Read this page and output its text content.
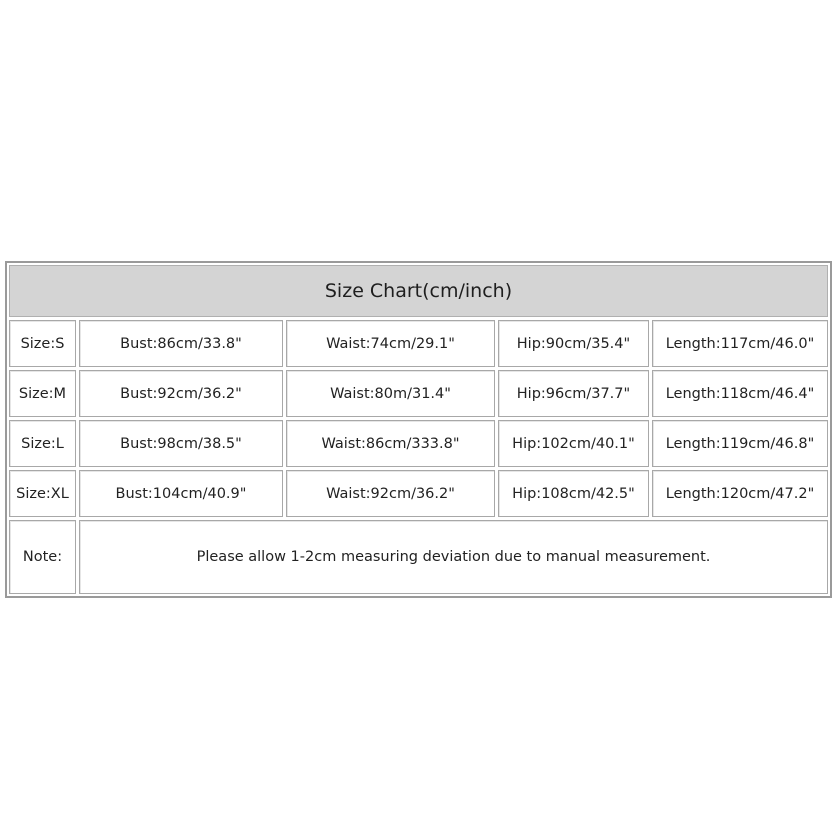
Size Chart(cm/inch)
Size:S	Bust:86cm/33.8"	Waist:74cm/29.1"	Hip:90cm/35.4"	Length:117cm/46.0"
Size:M	Bust:92cm/36.2"	Waist:80m/31.4"	Hip:96cm/37.7"	Length:118cm/46.4"
Size:L	Bust:98cm/38.5"	Waist:86cm/333.8"	Hip:102cm/40.1"	Length:119cm/46.8"
Size:XL	Bust:104cm/40.9"	Waist:92cm/36.2"	Hip:108cm/42.5"	Length:120cm/47.2"
Note:	Please allow 1-2cm measuring deviation due to manual measurement.
